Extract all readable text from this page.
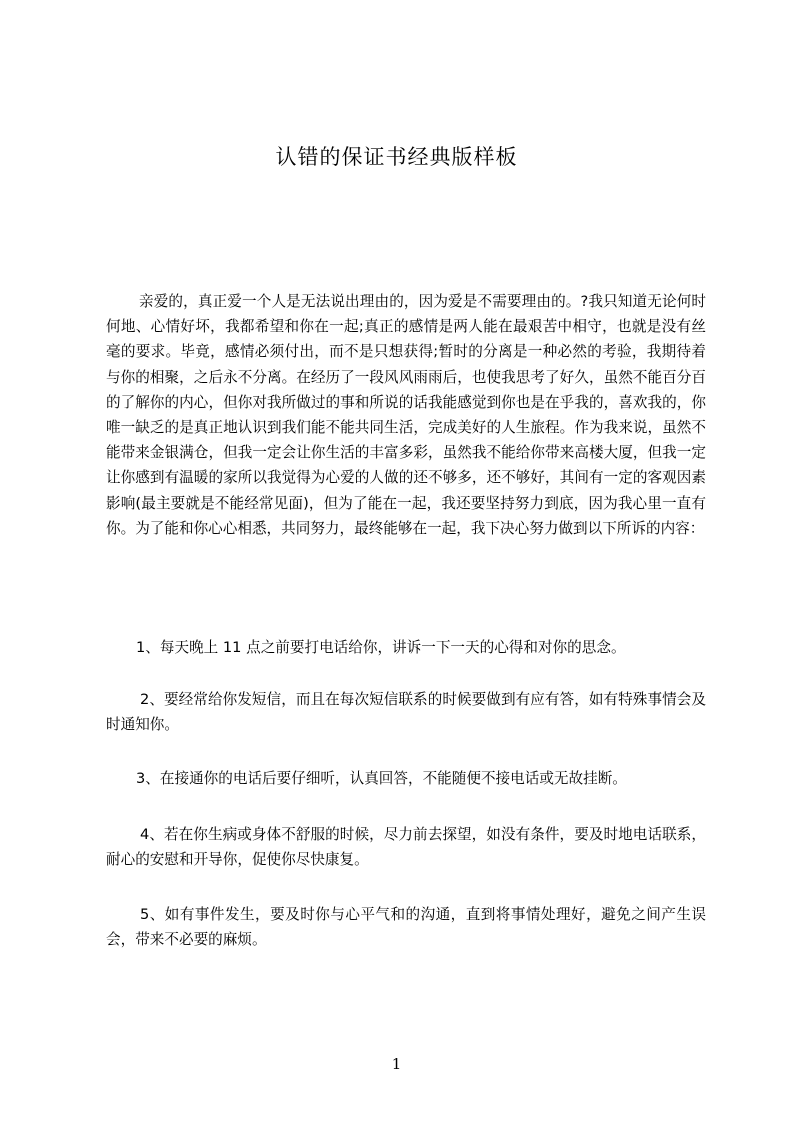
认错的保证书经典版样板
亲爱的，真正爱一个人是无法说出理由的，因为爱是不需要理由的。?我只知道无论何时何地、心情好坏，我都希望和你在一起;真正的感情是两人能在最艰苦中相守，也就是没有丝毫的要求。毕竟，感情必须付出，而不是只想获得;暂时的分离是一种必然的考验，我期待着与你的相聚，之后永不分离。在经历了一段风风雨雨后，也使我思考了好久，虽然不能百分百的了解你的内心，但你对我所做过的事和所说的话我能感觉到你也是在乎我的，喜欢我的，你唯一缺乏的是真正地认识到我们能不能共同生活，完成美好的人生旅程。作为我来说，虽然不能带来金银满仓，但我一定会让你生活的丰富多彩，虽然我不能给你带来高楼大厦，但我一定让你感到有温暖的家所以我觉得为心爱的人做的还不够多，还不够好，其间有一定的客观因素影响(最主要就是不能经常见面)，但为了能在一起，我还要坚持努力到底，因为我心里一直有你。为了能和你心心相悉，共同努力，最终能够在一起，我下决心努力做到以下所诉的内容：
1、每天晚上 11 点之前要打电话给你，讲诉一下一天的心得和对你的思念。
2、要经常给你发短信，而且在每次短信联系的时候要做到有应有答，如有特殊事情会及时通知你。
3、在接通你的电话后要仔细听，认真回答，不能随便不接电话或无故挂断。
4、若在你生病或身体不舒服的时候，尽力前去探望，如没有条件，要及时地电话联系，耐心的安慰和开导你，促使你尽快康复。
5、如有事件发生，要及时你与心平气和的沟通，直到将事情处理好，避免之间产生误会，带来不必要的麻烦。
1
